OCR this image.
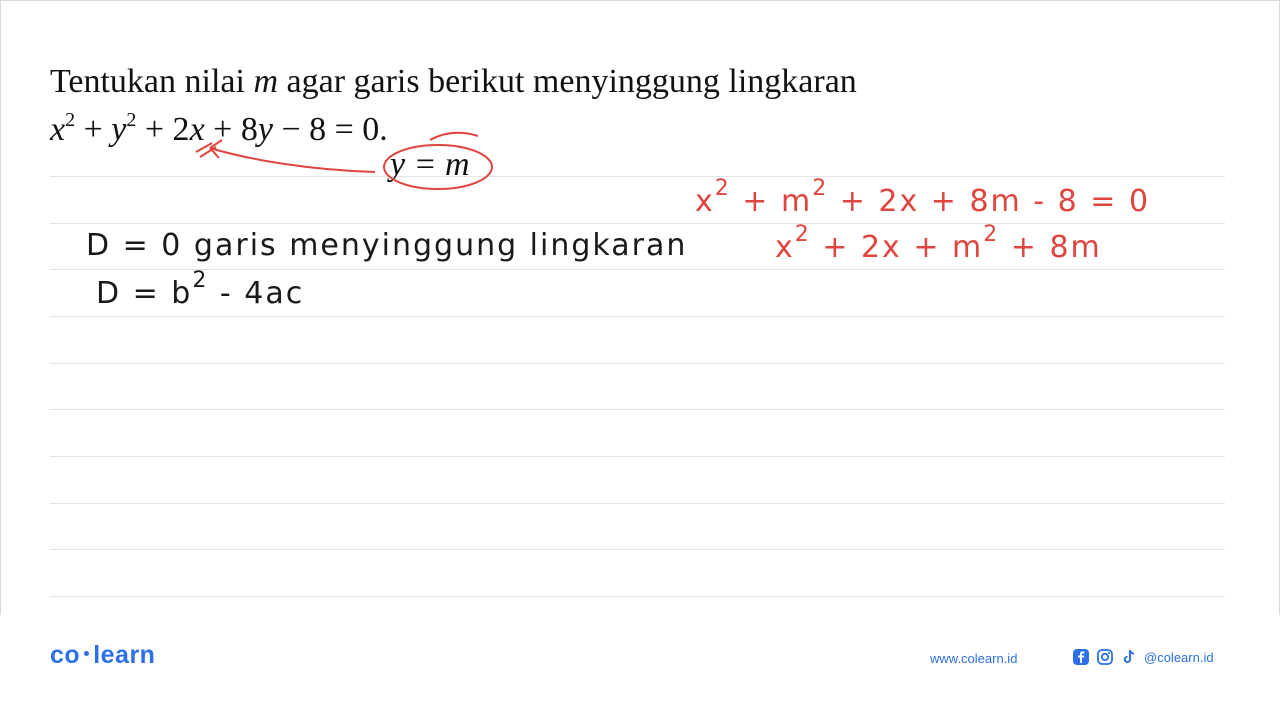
Tentukan nilai m agar garis berikut menyinggung lingkaran
$x^2 + y^2 + 2x + 8y - 8 = 0$.
y = m
D = 0 garis menyinggung lingkaran
$D = b^2 - 4ac$
$x^2 + m^2 + 2x + 8m - 8 = 0$
$x^2 + 2x + m^2 + 8m$
co learn	www.colearn.id	@colearn.id
